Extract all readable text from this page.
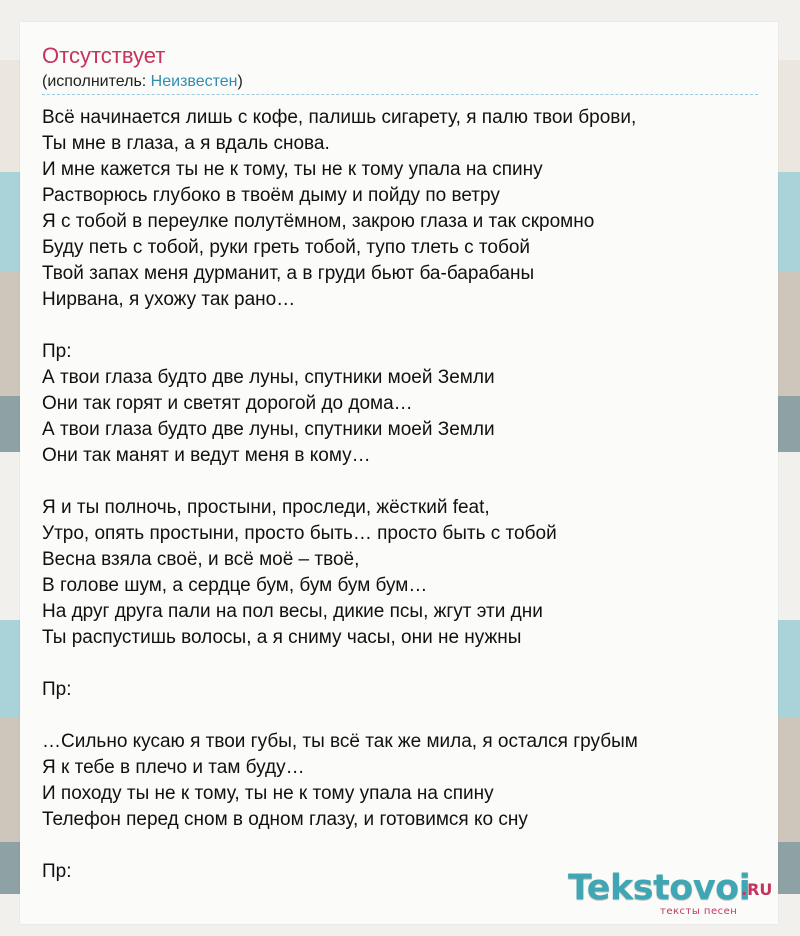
Отсутствует
(исполнитель: Неизвестен)
Всё начинается лишь с кофе, палишь сигарету, я палю твои брови,
Ты мне в глаза, а я вдаль снова.
И мне кажется ты не к тому, ты не к тому упала на спину
Растворюсь глубоко в твоём дыму и пойду по ветру
Я с тобой в переулке полутёмном, закрою глаза и так скромно
Буду петь с тобой, руки греть тобой, тупо тлеть с тобой
Твой запах меня дурманит, а в груди бьют ба-барабаны
Нирвана, я ухожу так рано…
Пр:
А твои глаза будто две луны, спутники моей Земли
Они так горят и светят дорогой до дома…
А твои глаза будто две луны, спутники моей Земли
Они так манят и ведут меня в кому…
Я и ты полночь, простыни, проследи, жёсткий feat,
Утро, опять простыни, просто быть… просто быть с тобой
Весна взяла своё, и всё моё – твоё,
В голове шум, а сердце бум, бум бум бум…
На друг друга пали на пол весы, дикие псы, жгут эти дни
Ты распустишь волосы, а я сниму часы, они не нужны
Пр:
…Сильно кусаю я твои губы, ты всё так же мила, я остался грубым
Я к тебе в плечо и там буду…
И походу ты не к тому, ты не к тому упала на спину
Телефон перед сном в одном глазу, и готовимся ко сну
Пр:	Tekstovoi
.RU
тексты песен
